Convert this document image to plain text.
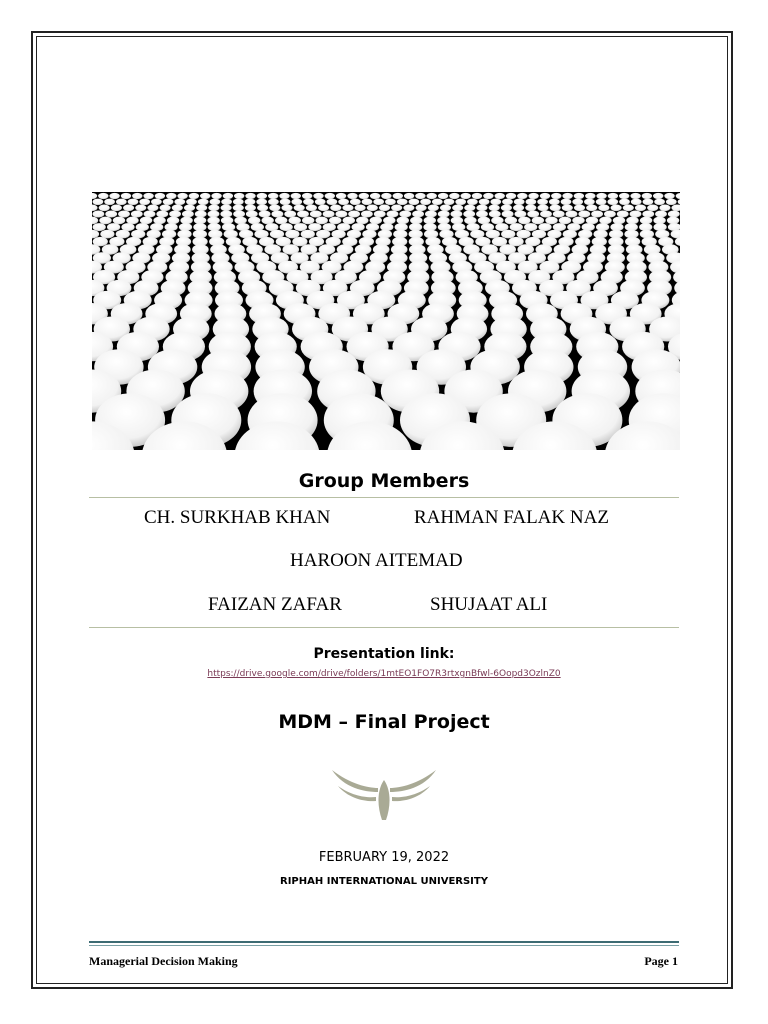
Group Members
CH. SURKHAB KHAN	RAHMAN FALAK NAZ
HAROON AITEMAD
FAIZAN ZAFAR	SHUJAAT ALI
Presentation link:
https://drive.google.com/drive/folders/1mtEO1FO7R3rtxgnBfwl-6Oopd3OzlnZ0
MDM – Final Project
FEBRUARY 19, 2022
RIPHAH INTERNATIONAL UNIVERSITY
Managerial Decision Making	Page 1
